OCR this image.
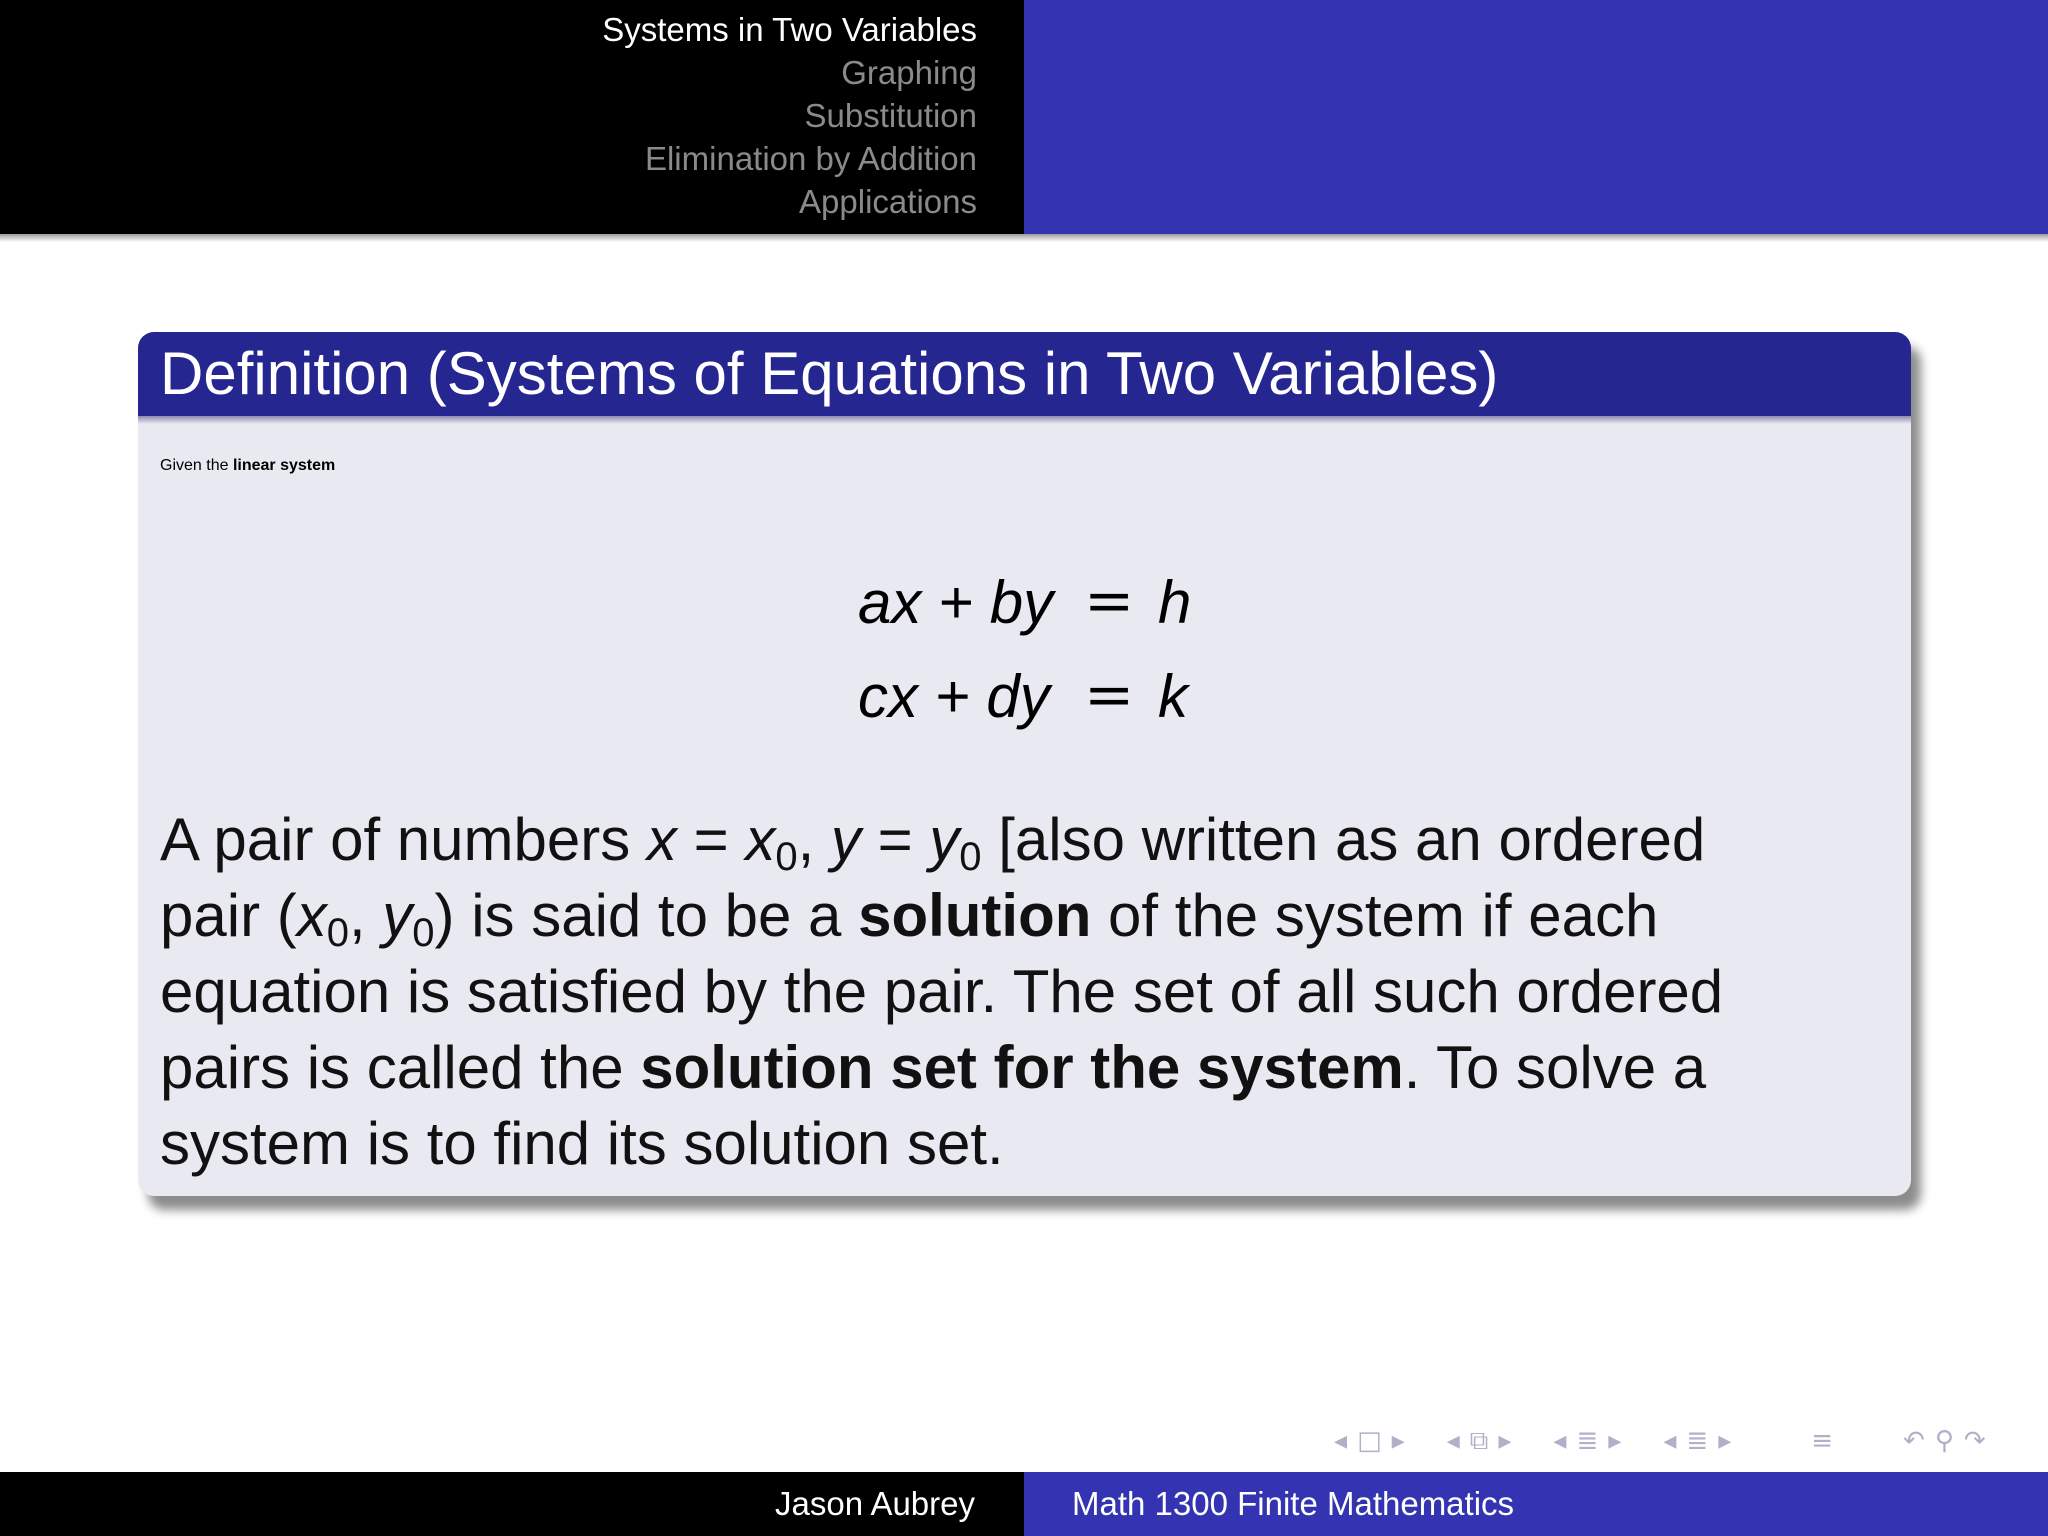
Systems in Two Variables
Graphing
Substitution
Elimination by Addition
Applications
Definition (Systems of Equations in Two Variables)
Given the linear system
ax + by = h
cx + dy = k
A pair of numbers $x = x_0$, $y = y_0$ [also written as an ordered
pair ($x_0$, $y_0$) is said to be a solution of the system if each
equation is satisfied by the pair. The set of all such ordered
pairs is called the solution set for the system. To solve a
system is to find its solution set.
◂ □ ▸ ◂ ⧉ ▸ ◂ ≣ ▸ ◂ ≣ ▸	≡	↶ ⚲ ↷
Jason Aubrey	Math 1300 Finite Mathematics
